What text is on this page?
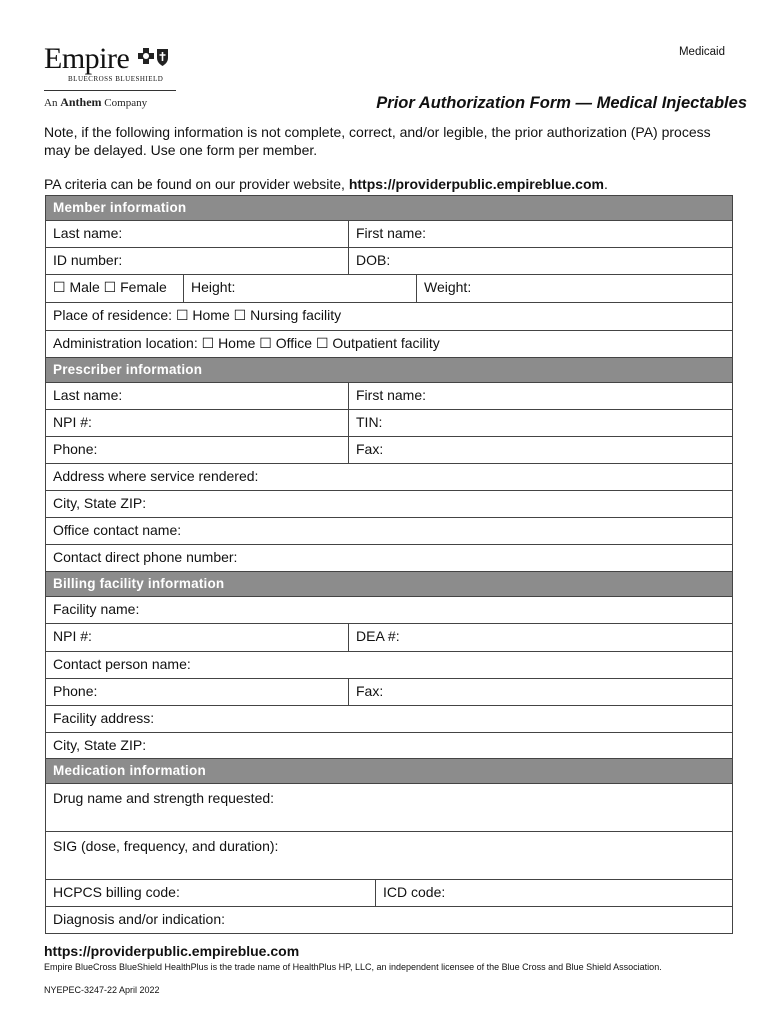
Empire
BLUECROSS BLUESHIELD
An Anthem Company
Medicaid
Prior Authorization Form — Medical Injectables
Note, if the following information is not complete, correct, and/or legible, the prior authorization (PA) process may be delayed. Use one form per member.
PA criteria can be found on our provider website, https://providerpublic.empireblue.com.
Member information
Last name:	First name:
ID number:	DOB:
☐ Male ☐ Female	Height:	Weight:
Place of residence: ☐ Home ☐ Nursing facility
Administration location: ☐ Home ☐ Office ☐ Outpatient facility
Prescriber information
Last name:	First name:
NPI #:	TIN:
Phone:	Fax:
Address where service rendered:
City, State ZIP:
Office contact name:
Contact direct phone number:
Billing facility information
Facility name:
NPI #:	DEA #:
Contact person name:
Phone:	Fax:
Facility address:
City, State ZIP:
Medication information
Drug name and strength requested:
SIG (dose, frequency, and duration):
HCPCS billing code:	ICD code:
Diagnosis and/or indication:
https://providerpublic.empireblue.com
Empire BlueCross BlueShield HealthPlus is the trade name of HealthPlus HP, LLC, an independent licensee of the Blue Cross and Blue Shield Association.
NYEPEC-3247-22 April 2022
